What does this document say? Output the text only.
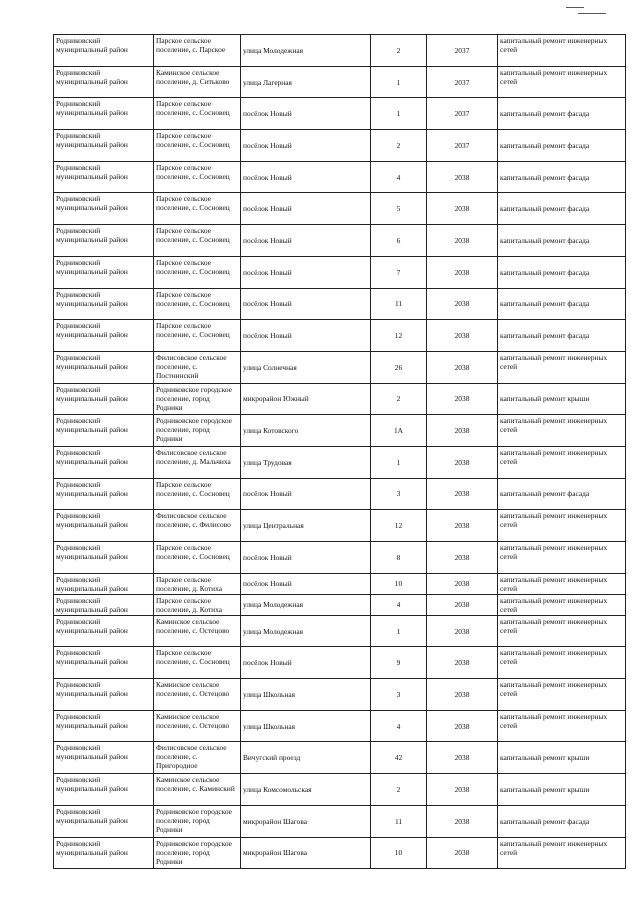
Родниковский муниципальный район	Парское сельское поселение, с. Парское	улица Молодежная	2	2037	капитальный ремонт инженерных сетей
Родниковский муниципальный район	Каминское сельское поселение, д. Ситьково	улица Лагерная	1	2037	капитальный ремонт инженерных сетей
Родниковский муниципальный район	Парское сельское поселение, с. Сосновец	посёлок Новый	1	2037	капитальный ремонт фасада
Родниковский муниципальный район	Парское сельское поселение, с. Сосновец	посёлок Новый	2	2037	капитальный ремонт фасада
Родниковский муниципальный район	Парское сельское поселение, с. Сосновец	посёлок Новый	4	2038	капитальный ремонт фасада
Родниковский муниципальный район	Парское сельское поселение, с. Сосновец	посёлок Новый	5	2038	капитальный ремонт фасада
Родниковский муниципальный район	Парское сельское поселение, с. Сосновец	посёлок Новый	6	2038	капитальный ремонт фасада
Родниковский муниципальный район	Парское сельское поселение, с. Сосновец	посёлок Новый	7	2038	капитальный ремонт фасада
Родниковский муниципальный район	Парское сельское поселение, с. Сосновец	посёлок Новый	11	2038	капитальный ремонт фасада
Родниковский муниципальный район	Парское сельское поселение, с. Сосновец	посёлок Новый	12	2038	капитальный ремонт фасада
Родниковский муниципальный район	Филисовское сельское поселение, с. Постнинский	улица Солнечная	26	2038	капитальный ремонт инженерных сетей
Родниковский муниципальный район	Родниковское городское поселение, город Родники	микрорайон Южный	2	2038	капитальный ремонт крыши
Родниковский муниципальный район	Родниковское городское поселение, город Родники	улица Котовского	1А	2038	капитальный ремонт инженерных сетей
Родниковский муниципальный район	Филисовское сельское поселение, д. Мальчиха	улица Трудовая	1	2038	капитальный ремонт инженерных сетей
Родниковский муниципальный район	Парское сельское поселение, с. Сосновец	посёлок Новый	3	2038	капитальный ремонт фасада
Родниковский муниципальный район	Филисовское сельское поселение, с. Филисово	улица Центральная	12	2038	капитальный ремонт инженерных сетей
Родниковский муниципальный район	Парское сельское поселение, с. Сосновец	посёлок Новый	8	2038	капитальный ремонт инженерных сетей
Родниковский муниципальный район	Парское сельское поселение, д. Котиха	посёлок Новый	10	2038	капитальный ремонт инженерных сетей
Родниковский муниципальный район	Парское сельское поселение, д. Котиха	улица Молодежная	4	2038	капитальный ремонт инженерных сетей
Родниковский муниципальный район	Каминское сельское поселение, с. Остецово	улица Молодежная	1	2038	капитальный ремонт инженерных сетей
Родниковский муниципальный район	Парское сельское поселение, с. Сосновец	посёлок Новый	9	2038	капитальный ремонт инженерных сетей
Родниковский муниципальный район	Каминское сельское поселение, с. Остецово	улица Школьная	3	2038	капитальный ремонт инженерных сетей
Родниковский муниципальный район	Каминское сельское поселение, с. Остецово	улица Школьная	4	2038	капитальный ремонт инженерных сетей
Родниковский муниципальный район	Филисовское сельское поселение, с. Пригородное	Вичугский проезд	42	2038	капитальный ремонт крыши
Родниковский муниципальный район	Каминское сельское поселение, с. Каминский	улица Комсомольская	2	2038	капитальный ремонт крыши
Родниковский муниципальный район	Родниковское городское поселение, город Родники	микрорайон Шагова	11	2038	капитальный ремонт фасада
Родниковский муниципальный район	Родниковское городское поселение, город Родники	микрорайон Шагова	10	2038	капитальный ремонт инженерных сетей
